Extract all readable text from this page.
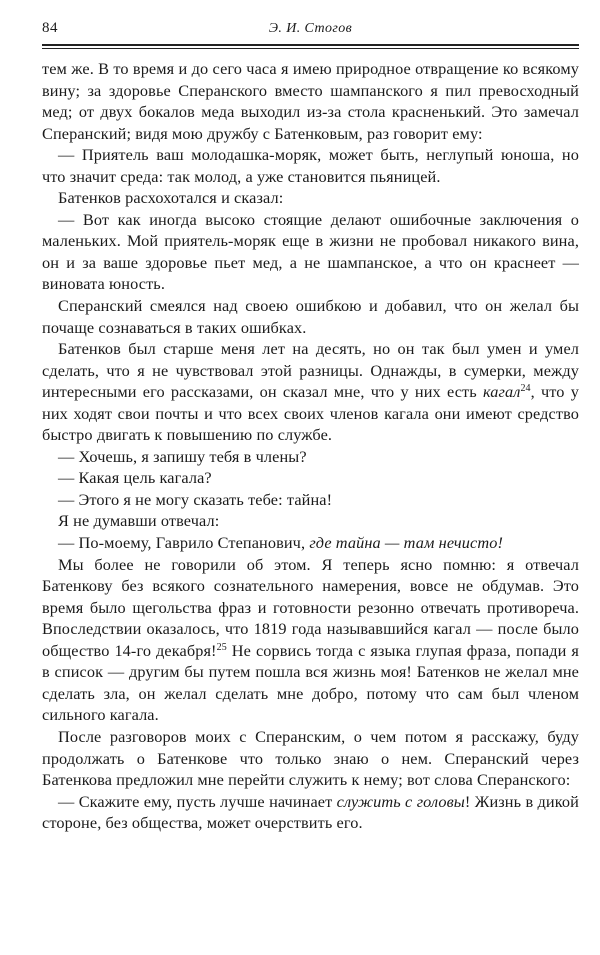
84	Э. И. Стогов

тем же. В то время и до сего часа я имею природное отвращение ко всякому вину; за здоровье Сперанского вместо шампанского я пил превосходный мед; от двух бокалов меда выходил из-за стола красненький. Это замечал Сперанский; видя мою дружбу с Батенковым, раз говорит ему:

— Приятель ваш молодашка-моряк, может быть, неглупый юноша, но что значит среда: так молод, а уже становится пьяницей.

Батенков расхохотался и сказал:

— Вот как иногда высоко стоящие делают ошибочные заключения о маленьких. Мой приятель-моряк еще в жизни не пробовал никакого вина, он и за ваше здоровье пьет мед, а не шампанское, а что он краснеет — виновата юность.

Сперанский смеялся над своею ошибкою и добавил, что он желал бы почаще сознаваться в таких ошибках.

Батенков был старше меня лет на десять, но он так был умен и умел сделать, что я не чувствовал этой разницы. Однажды, в сумерки, между интересными его рассказами, он сказал мне, что у них есть кагал$^{24}$, что у них ходят свои почты и что всех своих членов кагала они имеют средство быстро двигать к повышению по службе.

— Хочешь, я запишу тебя в члены?

— Какая цель кагала?

— Этого я не могу сказать тебе: тайна!

Я не думавши отвечал:

— По-моему, Гаврило Степанович, где тайна — там нечисто!

Мы более не говорили об этом. Я теперь ясно помню: я отвечал Батенкову без всякого сознательного намерения, вовсе не обдумав. Это время было щегольства фраз и готовности резонно отвечать противореча. Впоследствии оказалось, что 1819 года называвшийся кагал — после было общество 14-го декабря!$^{25}$ Не сорвись тогда с языка глупая фраза, попади я в список — другим бы путем пошла вся жизнь моя! Батенков не желал мне сделать зла, он желал сделать мне добро, потому что сам был членом сильного кагала.

После разговоров моих с Сперанским, о чем потом я расскажу, буду продолжать о Батенкове что только знаю о нем. Сперанский через Батенкова предложил мне перейти служить к нему; вот слова Сперанского:

— Скажите ему, пусть лучше начинает служить с головы! Жизнь в дикой стороне, без общества, может очерствить его.
